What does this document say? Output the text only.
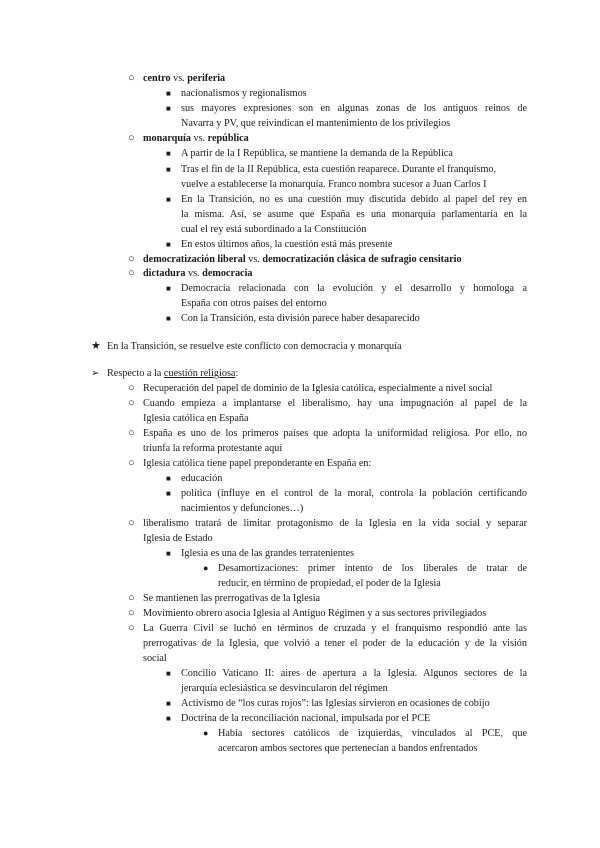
○ centro vs. periferia
■ nacionalismos y regionalismos
■ sus mayores expresiones son en algunas zonas de los antiguos reinos de
Navarra y PV, que reivindican el mantenimiento de los privilegios
○ monarquía vs. república
■ A partir de la I República, se mantiene la demanda de la República
■ Tras el fin de la II República, esta cuestión reaparece. Durante el franquismo,
vuelve a establecerse la monarquía. Franco nombra sucesor a Juan Carlos I
■ En la Transición, no es una cuestión muy discutida debido al papel del rey en
la misma. Así, se asume que España es una monarquía parlamentaria en la
cual el rey está subordinado a la Constitución
■ En estos últimos años, la cuestión está más presente
○ democratización liberal vs. democratización clásica de sufragio censitario
○ dictadura vs. democracia
■ Democracia relacionada con la evolución y el desarrollo y homologa a
España con otros países del entorno
■ Con la Transición, esta división parece haber desaparecido
★ En la Transición, se resuelve este conflicto con democracia y monarquía
➢ Respecto a la cuestión religiosa:
○ Recuperación del papel de dominio de la Iglesia católica, especialmente a nivel social
○ Cuando empieza a implantarse el liberalismo, hay una impugnación al papel de la
Iglesia católica en España
○ España es uno de los primeros países que adopta la uniformidad religiosa. Por ello, no
triunfa la reforma protestante aquí
○ Iglesia católica tiene papel preponderante en España en:
■ educación
■ política (influye en el control de la moral, controla la población certificando
nacimientos y defunciones…)
○ liberalismo tratará de limitar protagonismo de la Iglesia en la vida social y separar
Iglesia de Estado
■ Iglesia es una de las grandes terratenientes
● Desamortizaciones: primer intento de los liberales de tratar de
reducir, en término de propiedad, el poder de la Iglesia
○ Se mantienen las prerrogativas de la Iglesia
○ Movimiento obrero asocia Iglesia al Antiguo Régimen y a sus sectores privilegiados
○ La Guerra Civil se luchó en términos de cruzada y el franquismo respondió ante las
prerrogativas de la Iglesia, que volvió a tener el poder de la educación y de la visión
social
■ Concilio Vaticano II: aires de apertura a la Iglesia. Algunos sectores de la
jerarquía eclesiástica se desvincularon del régimen
■ Activismo de “los curas rojos”: las Iglesias sirvieron en ocasiones de cobijo
■ Doctrina de la reconciliación nacional, impulsada por el PCE
● Había sectores católicos de izquierdas, vinculados al PCE, que
acercaron ambos sectores que pertenecían a bandos enfrentados
